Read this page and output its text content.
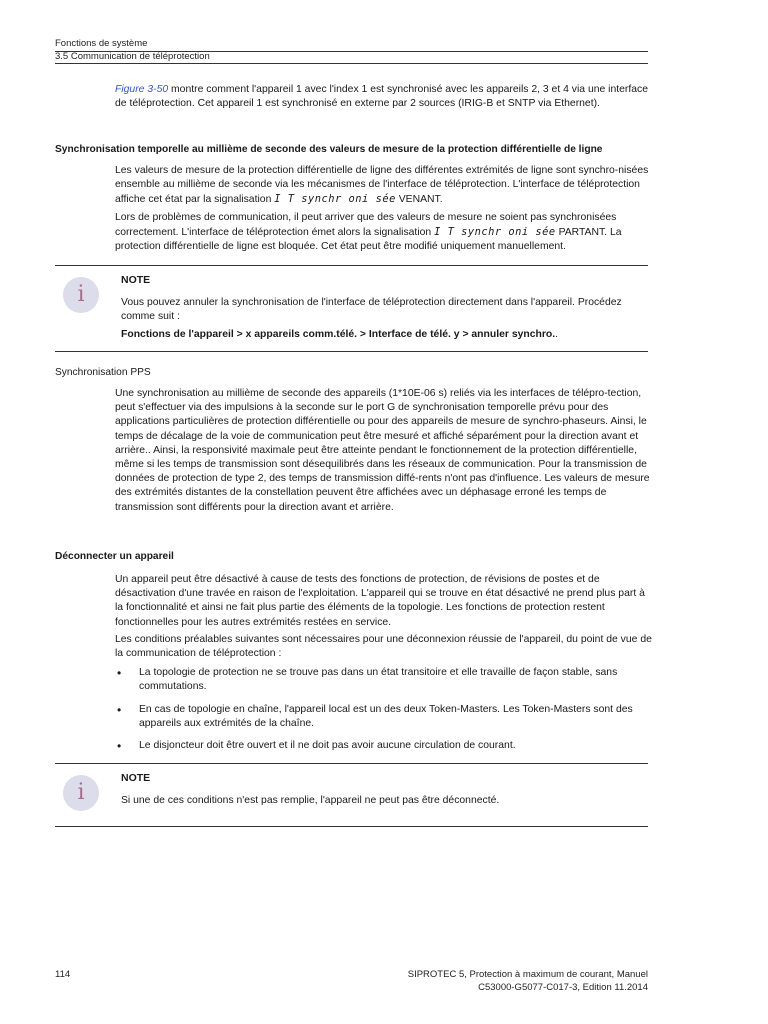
Fonctions de système
3.5 Communication de téléprotection
Figure 3-50 montre comment l'appareil 1 avec l'index 1 est synchronisé avec les appareils 2, 3 et 4 via une interface de téléprotection. Cet appareil 1 est synchronisé en externe par 2 sources (IRIG-B et SNTP via Ethernet).
Synchronisation temporelle au millième de seconde des valeurs de mesure de la protection différentielle de ligne
Les valeurs de mesure de la protection différentielle de ligne des différentes extrémités de ligne sont synchro-nisées ensemble au millième de seconde via les mécanismes de l'interface de téléprotection. L'interface de téléprotection affiche cet état par la signalisation I T synchr oni sée VENANT.
Lors de problèmes de communication, il peut arriver que des valeurs de mesure ne soient pas synchronisées correctement. L'interface de téléprotection émet alors la signalisation I T synchr oni sée PARTANT. La protection différentielle de ligne est bloquée. Cet état peut être modifié uniquement manuellement.
i
NOTE
Vous pouvez annuler la synchronisation de l'interface de téléprotection directement dans l'appareil. Procédez comme suit :
Fonctions de l'appareil > x appareils comm.télé. > Interface de télé. y > annuler synchro..
Synchronisation PPS
Une synchronisation au millième de seconde des appareils (1*10E-06 s) reliés via les interfaces de télépro-tection, peut s'effectuer via des impulsions à la seconde sur le port G de synchronisation temporelle prévu pour des applications particulières de protection différentielle ou pour des appareils de mesure de synchro-phaseurs. Ainsi, le temps de décalage de la voie de communication peut être mesuré et affiché séparément pour la direction avant et arrière.. Ainsi, la responsivité maximale peut être atteinte pendant le fonctionnement de la protection différentielle, même si les temps de transmission sont désequilibrés dans les réseaux de communication. Pour la transmission de données de protection de type 2, des temps de transmission diffé-rents n'ont pas d'influence. Les valeurs de mesure des extrémités distantes de la constellation peuvent être affichées avec un déphasage erroné les temps de transmission sont différents pour la direction avant et arrière.
Déconnecter un appareil
Un appareil peut être désactivé à cause de tests des fonctions de protection, de révisions de postes et de désactivation d'une travée en raison de l'exploitation. L'appareil qui se trouve en état désactivé ne prend plus part à la fonctionnalité et ainsi ne fait plus partie des éléments de la topologie. Les fonctions de protection restent fonctionnelles pour les autres extrémités restées en service.
Les conditions préalables suivantes sont nécessaires pour une déconnexion réussie de l'appareil, du point de vue de la communication de téléprotection :
• La topologie de protection ne se trouve pas dans un état transitoire et elle travaille de façon stable, sans commutations.
• En cas de topologie en chaîne, l'appareil local est un des deux Token-Masters. Les Token-Masters sont des appareils aux extrémités de la chaîne.
• Le disjoncteur doit être ouvert et il ne doit pas avoir aucune circulation de courant.
i
NOTE
Si une de ces conditions n'est pas remplie, l'appareil ne peut pas être déconnecté.
114	SIPROTEC 5, Protection à maximum de courant, Manuel
C53000-G5077-C017-3, Edition 11.2014
